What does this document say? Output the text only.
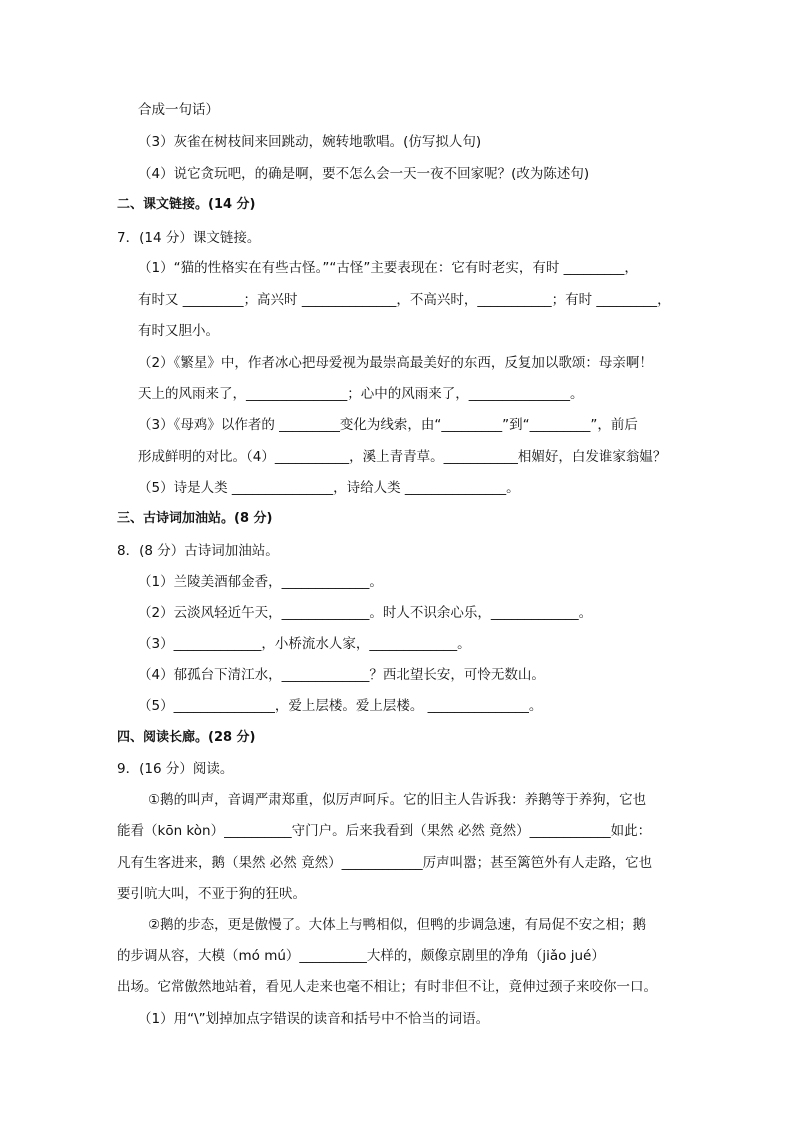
合成一句话）
（3）灰雀在树枝间来回跳动，婉转地歌唱。(仿写拟人句)
（4）说它贪玩吧，的确是啊，要不怎么会一天一夜不回家呢？(改为陈述句)
二、课文链接。(14 分)
7．(14 分）课文链接。
（1）“猫的性格实在有些古怪。”“古怪”主要表现在：它有时老实，有时 _________，
有时又 _________；高兴时 ______________，不高兴时，___________；有时 _________，
有时又胆小。
（2）《繁星》中，作者冰心把母爱视为最崇高最美好的东西，反复加以歌颂：母亲啊！
天上的风雨来了，_______________；心中的风雨来了，_______________。
（3）《母鸡》以作者的 _________变化为线索，由“_________”到“_________”，前后
形成鲜明的对比。（4）___________，溪上青青草。___________相媚好，白发谁家翁媪？
（5）诗是人类 _______________，诗给人类 _______________。
三、古诗词加油站。(8 分)
8．(8 分）古诗词加油站。
（1）兰陵美酒郁金香，_____________。
（2）云淡风轻近午天，_____________。时人不识余心乐，_____________。
（3）_____________，小桥流水人家，_____________。
（4）郁孤台下清江水，_____________？西北望长安，可怜无数山。
（5）_______________，爱上层楼。爱上层楼。 _______________。
四、阅读长廊。(28 分)
9．(16 分）阅读。
①鹅的叫声，音调严肃郑重，似厉声呵斥。它的旧主人告诉我：养鹅等于养狗，它也
能看（kōn kòn）__________守门户。后来我看到（果然 必然 竟然）____________如此：
凡有生客进来，鹅（果然 必然 竟然）____________厉声叫嚣；甚至篱笆外有人走路，它也
要引吭大叫，不亚于狗的狂吠。
②鹅的步态，更是傲慢了。大体上与鸭相似，但鸭的步调急速，有局促不安之相；鹅
的步调从容，大模（mó mú）__________大样的，颇像京剧里的净角（jiǎo jué）
出场。它常傲然地站着，看见人走来也毫不相让；有时非但不让，竟伸过颈子来咬你一口。
（1）用“\”划掉加点字错误的读音和括号中不恰当的词语。
